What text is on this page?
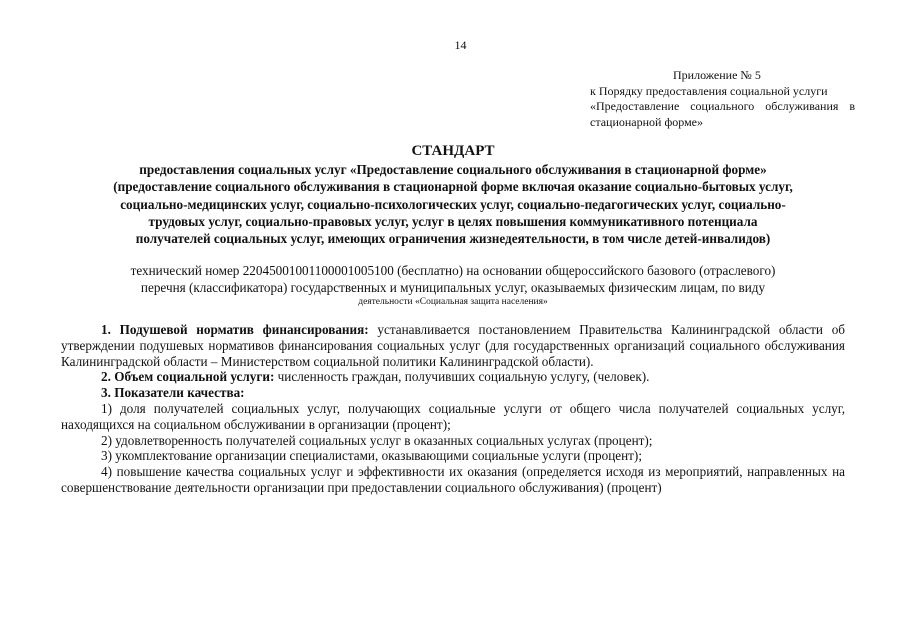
14
Приложение № 5
к Порядку предоставления социальной услуги
«Предоставление социального обслуживания в
стационарной форме»
СТАНДАРТ
предоставления социальных услуг «Предоставление социального обслуживания в стационарной форме»
(предоставление социального обслуживания в стационарной форме включая оказание социально-бытовых услуг,
социально-медицинских услуг, социально-психологических услуг, социально-педагогических услуг, социально-
трудовых услуг, социально-правовых услуг, услуг в целях повышения коммуникативного потенциала
получателей социальных услуг, имеющих ограничения жизнедеятельности, в том числе детей-инвалидов)
технический номер 22045001001100001005100 (бесплатно) на основании общероссийского базового (отраслевого)
перечня (классификатора) государственных и муниципальных услуг, оказываемых физическим лицам, по виду
деятельности «Социальная защита населения»

1. Подушевой норматив финансирования: устанавливается постановлением Правительства Калининградской области об утверждении подушевых нормативов финансирования социальных услуг (для государственных организаций социального обслуживания Калининградской области – Министерством социальной политики Калининградской области).

2. Объем социальной услуги: численность граждан, получивших социальную услугу, (человек).

3. Показатели качества:

1) доля получателей социальных услуг, получающих социальные услуги от общего числа получателей социальных услуг, находящихся на социальном обслуживании в организации (процент);

2) удовлетворенность получателей социальных услуг в оказанных социальных услугах (процент);

3) укомплектование организации специалистами, оказывающими социальные услуги (процент);

4) повышение качества социальных услуг и эффективности их оказания (определяется исходя из мероприятий, направленных на совершенствование деятельности организации при предоставлении социального обслуживания) (процент)
